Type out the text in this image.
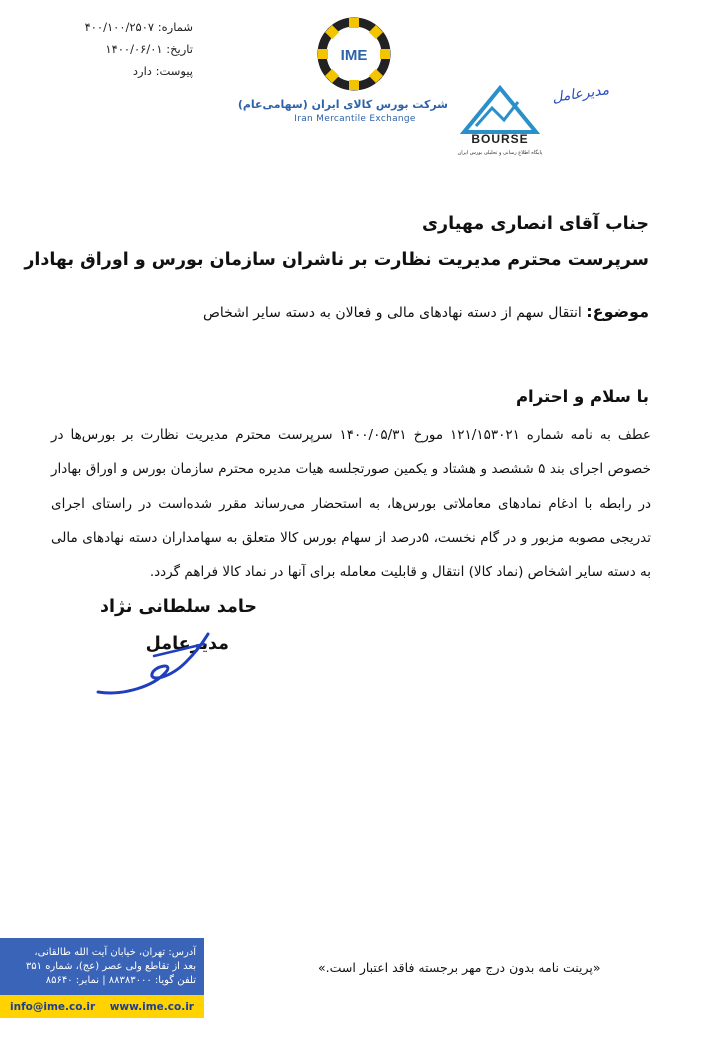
شماره: ۴۰۰/۱۰۰/۲۵۰۷
تاریخ: ۱۴۰۰/۰۶/۰۱
پیوست: دارد
IME
شرکت بورس کالای ایران (سهامی‌عام)
Iran Mercantile Exchange
BOURSE
پایگاه اطلاع رسانی و تحلیلی بورس ایران
مدیرعامل
جناب آقای انصاری مهیاری
سرپرست محترم مدیریت نظارت بر ناشران سازمان بورس و اوراق بهادار
موضوع: انتقال سهم از دسته نهادهای مالی و فعالان به دسته سایر اشخاص
با سلام و احترام
عطف به نامه شماره ۱۲۱/۱۵۳۰۲۱ مورخ ۱۴۰۰/۰۵/۳۱ سرپرست محترم مدیریت نظارت بر بورس‌ها در خصوص اجرای بند ۵ ششصد و هشتاد و یکمین صورتجلسه هیات مدیره محترم سازمان بورس و اوراق بهادار در رابطه با ادغام نمادهای معاملاتی بورس‌ها، به استحضار می‌رساند مقرر شده‌است در راستای اجرای تدریجی مصوبه مزبور و در گام نخست، ۵درصد از سهام بورس کالا متعلق به سهامداران دسته نهادهای مالی به دسته سایر اشخاص (نماد کالا) انتقال و قابلیت معامله برای آنها در نماد کالا فراهم گردد.
حامد سلطانی نژاد
مدیرعامل
آدرس: تهران، خیابان آیت الله طالقانی،
بعد از تقاطع ولی عصر (عج)، شماره ۳۵۱
تلفن گویا: ۸۸۳۸۳۰۰۰ | نمابر: ۸۵۶۴۰
info@ime.co.ir www.ime.co.ir
«پرینت نامه بدون درج مهر برجسته فاقد اعتبار است.»
